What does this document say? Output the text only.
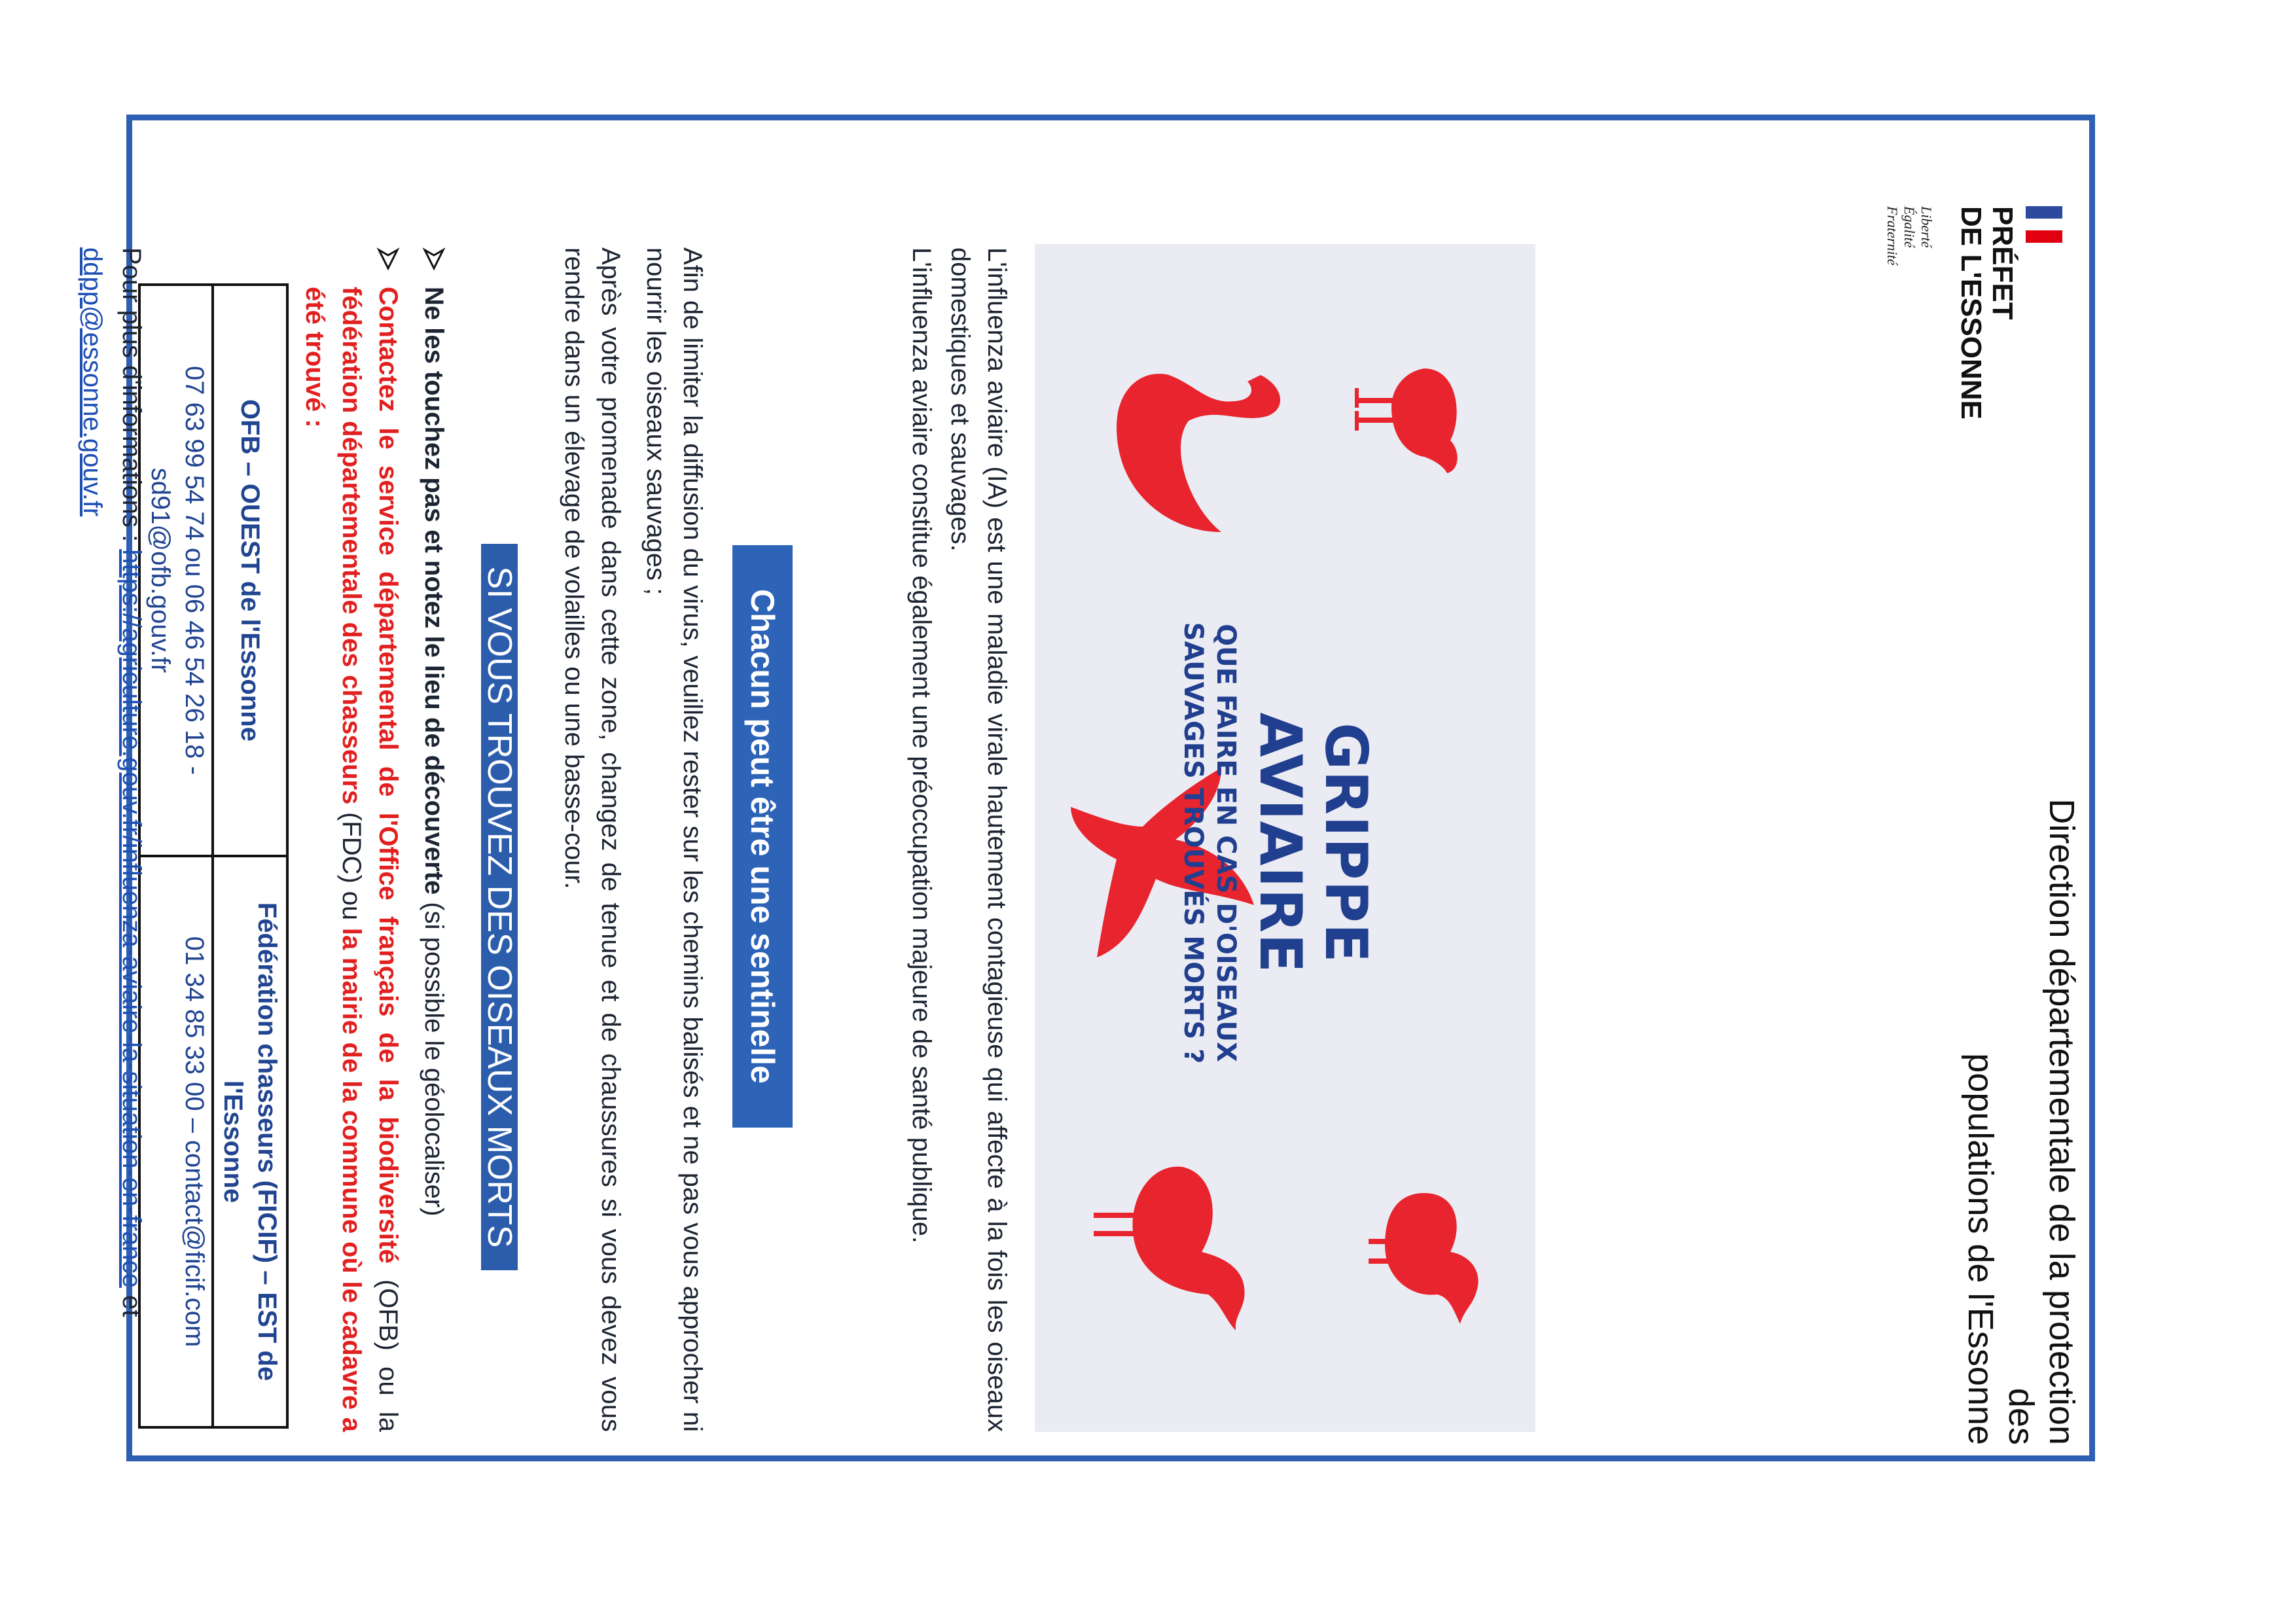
PRÉFET
DE L'ESSONNE
Liberté
Égalité
Fraternité
Direction départementale de la protection des
populations de l'Essonne
GRIPPE AVIAIRE
QUE FAIRE EN CAS D'OISEAUX
SAUVAGES TROUVÉS MORTS ?
L'influenza aviaire (IA) est une maladie virale hautement contagieuse qui affecte à la fois les oiseaux domestiques et sauvages.
L'influenza aviaire constitue également une préoccupation majeure de santé publique.
Chacun peut être une sentinelle
Afin de limiter la diffusion du virus, veuillez rester sur les chemins balisés et ne pas vous approcher ni nourrir les oiseaux sauvages ;
Après votre promenade dans cette zone, changez de tenue et de chaussures si vous devez vous rendre dans un élevage de volailles ou une basse-cour.
SI VOUS TROUVEZ DES OISEAUX MORTS
Ne les touchez pas et notez le lieu de découverte (si possible le géolocaliser)
Contactez le service départemental de l'Office français de la biodiversité (OFB) ou la fédération départementale des chasseurs (FDC) ou la mairie de la commune où le cadavre a été trouvé :
OFB – OUEST de l'Essonne	Fédération chasseurs (FICIF) – EST de l'Essonne
07 63 99 54 74 ou 06 46 54 26 18 - sd91@ofb.gouv.fr	01 34 85 33 00 – contact@ficif.com
Pour plus d'informations : https://agriculture.gouv.fr/influenza-aviaire-la-situation-en-france et ddpp@essonne.gouv.fr
